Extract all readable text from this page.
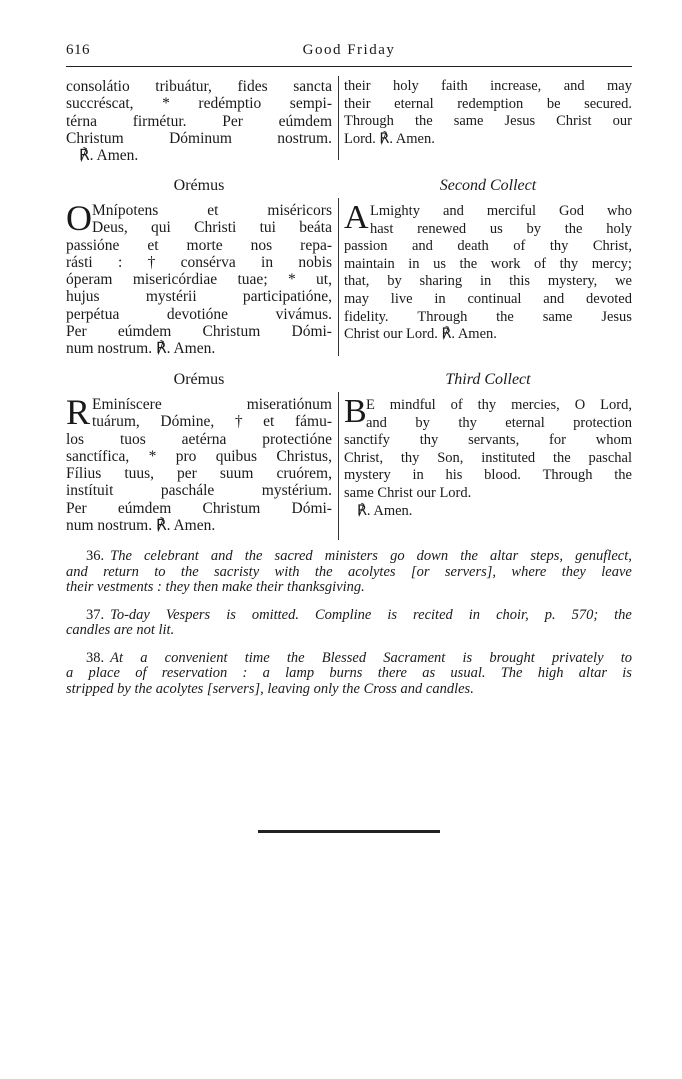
616	Good Friday
consolátio tribuátur, fides sancta
succréscat, * redémptio sempi-
térna firmétur. Per eúmdem
Christum	Dóminum	nostrum.
℟. Amen.
their holy faith increase, and may
their eternal redemption be secured.
Through the same Jesus Christ our
Lord. ℟. Amen.
Orémus	Second Collect
O Mnípotens	et	miséricors
Deus, qui Christi tui beáta
passióne et morte nos repa-
rásti : † consérva in nobis
óperam misericórdiae tuae; * ut,
hujus	mystérii	participatióne,
perpétua	devotióne	vivámus.
Per eúmdem Christum Dómi-
num nostrum. ℟. Amen.
A Lmighty and merciful God who
hast renewed us by the holy
passion and death of thy Christ,
maintain in us the work of thy mercy;
that, by sharing in this mystery, we
may live in continual and devoted
fidelity. Through the same Jesus
Christ our Lord. ℟. Amen.
Orémus	Third Collect
R Eminíscere	miseratiónum
tuárum, Dómine, † et fámu-
los tuos aetérna protectióne
sanctífica, * pro quibus Christus,
Fílius tuus, per suum cruórem,
instítuit	paschále	mystérium.
Per eúmdem Christum Dómi-
num nostrum. ℟. Amen.
B E mindful of thy mercies, O Lord,
and by thy eternal protection
sanctify thy servants, for whom
Christ, thy Son, instituted the paschal
mystery in his blood. Through the
same Christ our Lord.
℟. Amen.
36. The celebrant and the sacred ministers go down the altar steps, genuflect,
and return to the sacristy with the acolytes [or servers], where they leave
their vestments : they then make their thanksgiving.
37. To-day Vespers is omitted. Compline is recited in choir, p. 570; the
candles are not lit.
38. At a convenient time the Blessed Sacrament is brought privately to
a place of reservation : a lamp burns there as usual. The high altar is
stripped by the acolytes [servers], leaving only the Cross and candles.
